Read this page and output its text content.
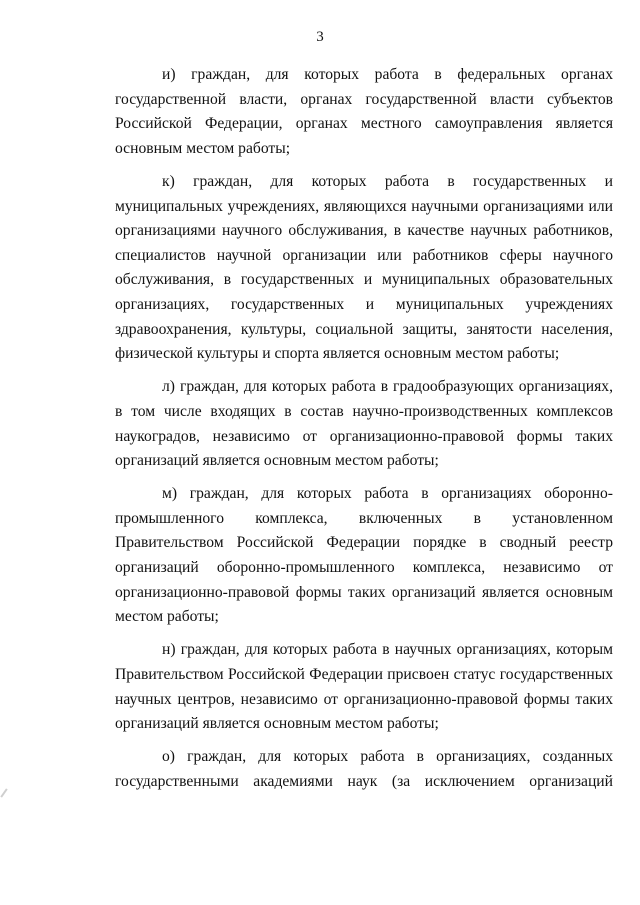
3

и) граждан, для которых работа в федеральных органах государственной власти, органах государственной власти субъектов Российской Федерации, органах местного самоуправления является основным местом работы;

к) граждан, для которых работа в государственных и муниципальных учреждениях, являющихся научными организациями или организациями научного обслуживания, в качестве научных работников, специалистов научной организации или работников сферы научного обслуживания, в государственных и муниципальных образовательных организациях, государственных и муниципальных учреждениях здравоохранения, культуры, социальной защиты, занятости населения, физической культуры и спорта является основным местом работы;

л) граждан, для которых работа в градообразующих организациях, в том числе входящих в состав научно-производственных комплексов наукоградов, независимо от организационно-правовой формы таких организаций является основным местом работы;

м) граждан, для которых работа в организациях оборонно-промышленного комплекса, включенных в установленном Правительством Российской Федерации порядке в сводный реестр организаций оборонно-промышленного комплекса, независимо от организационно-правовой формы таких организаций является основным местом работы;

н) граждан, для которых работа в научных организациях, которым Правительством Российской Федерации присвоен статус государственных научных центров, независимо от организационно-правовой формы таких организаций является основным местом работы;

о) граждан, для которых работа в организациях, созданных государственными академиями наук (за исключением организаций
